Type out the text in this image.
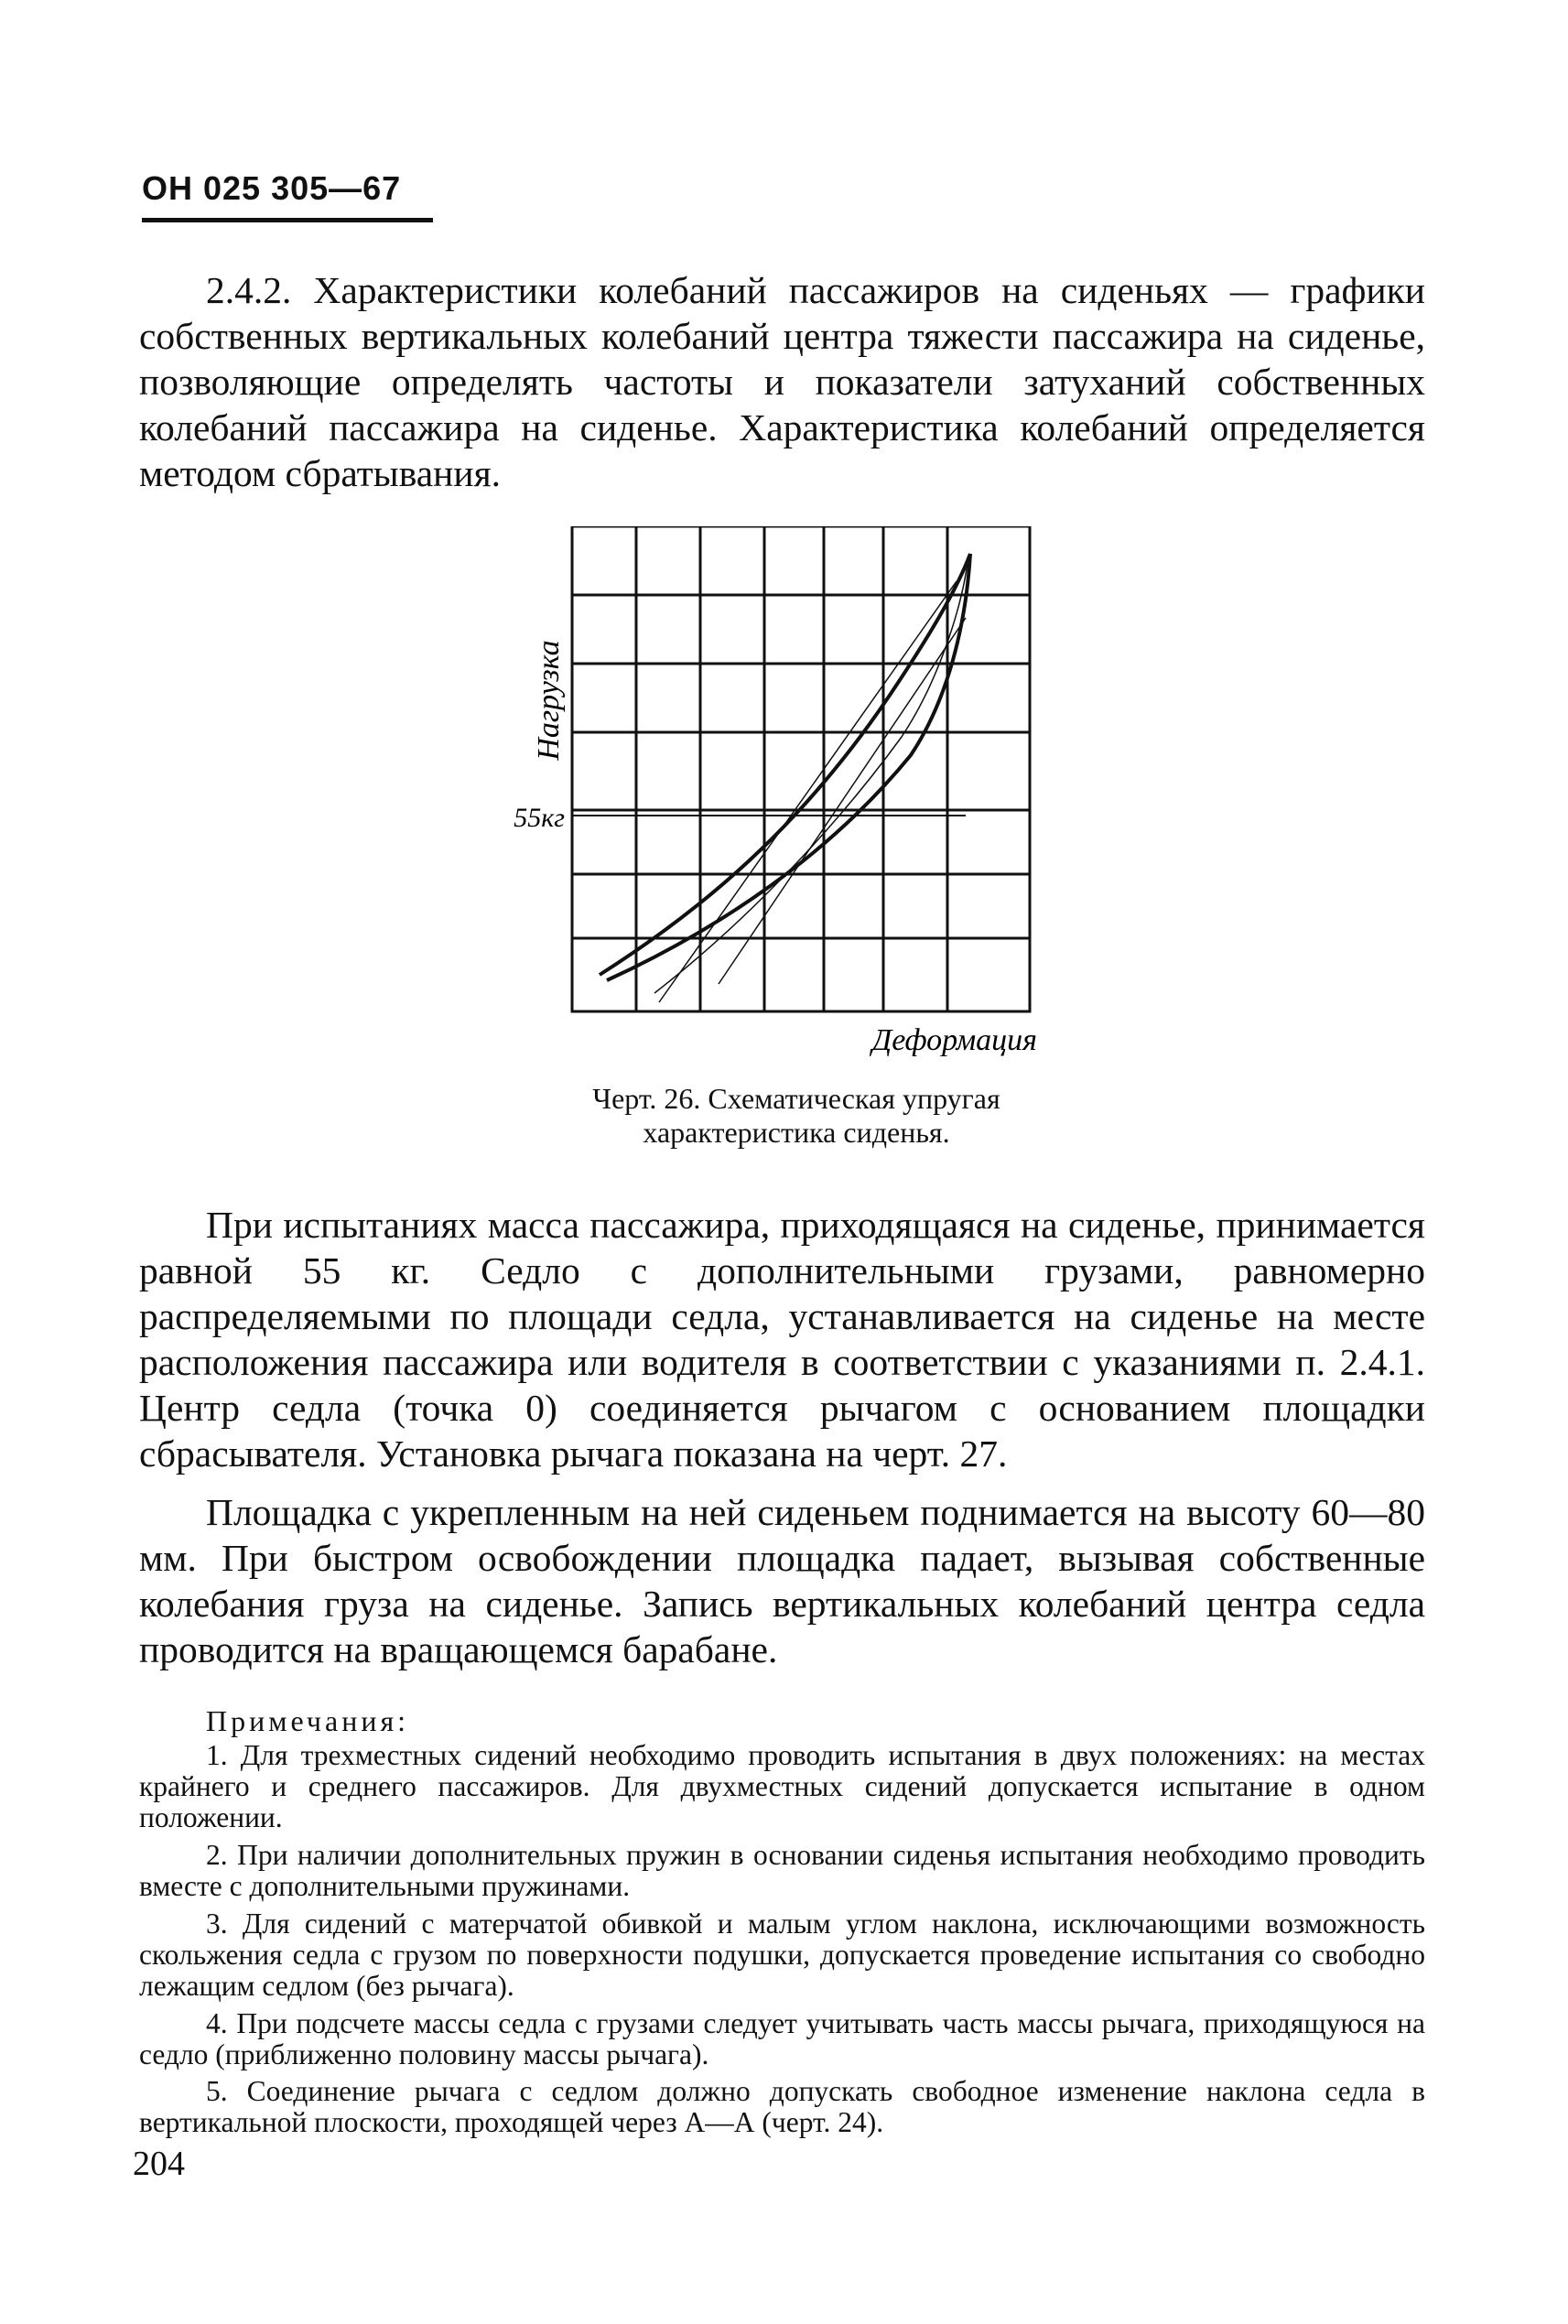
ОН 025 305—67

2.4.2. Характеристики колебаний пассажиров на сиденьях — графики собственных вертикальных колебаний центра тяжести пассажира на сиденье, позволяющие определять частоты и показатели затуханий собственных колебаний пассажира на сиденье. Характеристика колебаний определяется методом сбратывания.

Нагрузка
55кг
Деформация

Черт. 26. Схематическая упругая характеристика сиденья.

При испытаниях масса пассажира, приходящаяся на сиденье, принимается равной 55 кг. Седло с дополнительными грузами, равномерно распределяемыми по площади седла, устанавливается на сиденье на месте расположения пассажира или водителя в соответствии с указаниями п. 2.4.1. Центр седла (точка 0) соединяется рычагом с основанием площадки сбрасывателя. Установка рычага показана на черт. 27.

Площадка с укрепленным на ней сиденьем поднимается на высоту 60—80 мм. При быстром освобождении площадка падает, вызывая собственные колебания груза на сиденье. Запись вертикальных колебаний центра седла проводится на вращающемся барабане.

Примечания:

1. Для трехместных сидений необходимо проводить испытания в двух положениях: на местах крайнего и среднего пассажиров. Для двухместных сидений допускается испытание в одном положении.

2. При наличии дополнительных пружин в основании сиденья испытания необходимо проводить вместе с дополнительными пружинами.

3. Для сидений с матерчатой обивкой и малым углом наклона, исключающими возможность скольжения седла с грузом по поверхности подушки, допускается проведение испытания со свободно лежащим седлом (без рычага).

4. При подсчете массы седла с грузами следует учитывать часть массы рычага, приходящуюся на седло (приближенно половину массы рычага).

5. Соединение рычага с седлом должно допускать свободное изменение наклона седла в вертикальной плоскости, проходящей через А—А (черт. 24).

204
